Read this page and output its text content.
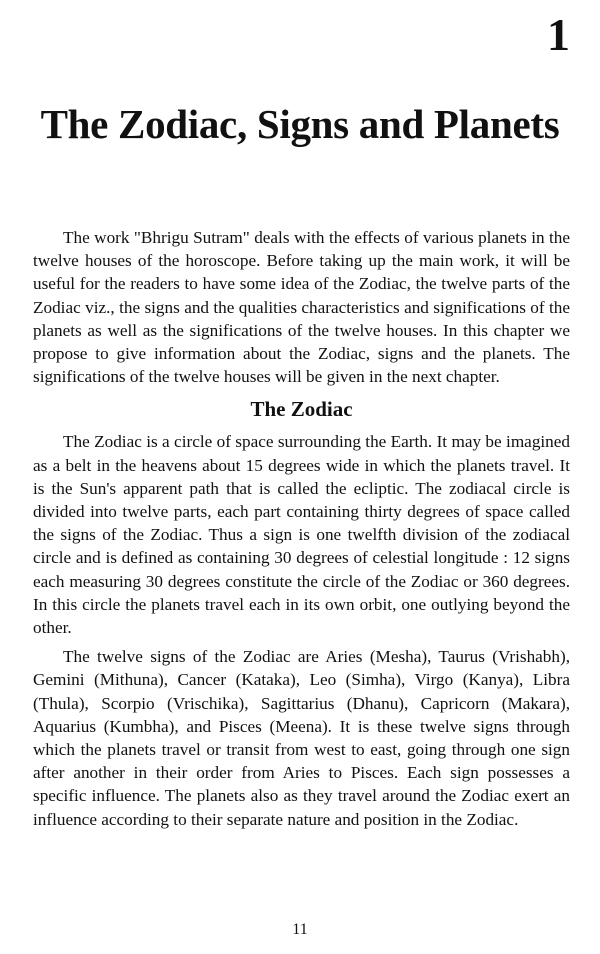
1
The Zodiac, Signs and Planets

The work "Bhrigu Sutram" deals with the effects of various planets in the twelve houses of the horoscope. Before taking up the main work, it will be useful for the readers to have some idea of the Zodiac, the twelve parts of the Zodiac viz., the signs and the qualities characteristics and significations of the planets as well as the significations of the twelve houses. In this chapter we propose to give information about the Zodiac, signs and the planets. The significations of the twelve houses will be given in the next chapter.

The Zodiac

The Zodiac is a circle of space surrounding the Earth. It may be imagined as a belt in the heavens about 15 degrees wide in which the planets travel. It is the Sun's apparent path that is called the ecliptic. The zodiacal circle is divided into twelve parts, each part containing thirty degrees of space called the signs of the Zodiac. Thus a sign is one twelfth division of the zodiacal circle and is defined as containing 30 degrees of celestial longitude : 12 signs each measuring 30 degrees constitute the circle of the Zodiac or 360 degrees. In this circle the planets travel each in its own orbit, one outlying beyond the other.

The twelve signs of the Zodiac are Aries (Mesha), Taurus (Vrishabh), Gemini (Mithuna), Cancer (Kataka), Leo (Simha), Virgo (Kanya), Libra (Thula), Scorpio (Vrischika), Sagittarius (Dhanu), Capricorn (Makara), Aquarius (Kumbha), and Pisces (Meena). It is these twelve signs through which the planets travel or transit from west to east, going through one sign after another in their order from Aries to Pisces. Each sign possesses a specific influence. The planets also as they travel around the Zodiac exert an influence according to their separate nature and position in the Zodiac.

11
